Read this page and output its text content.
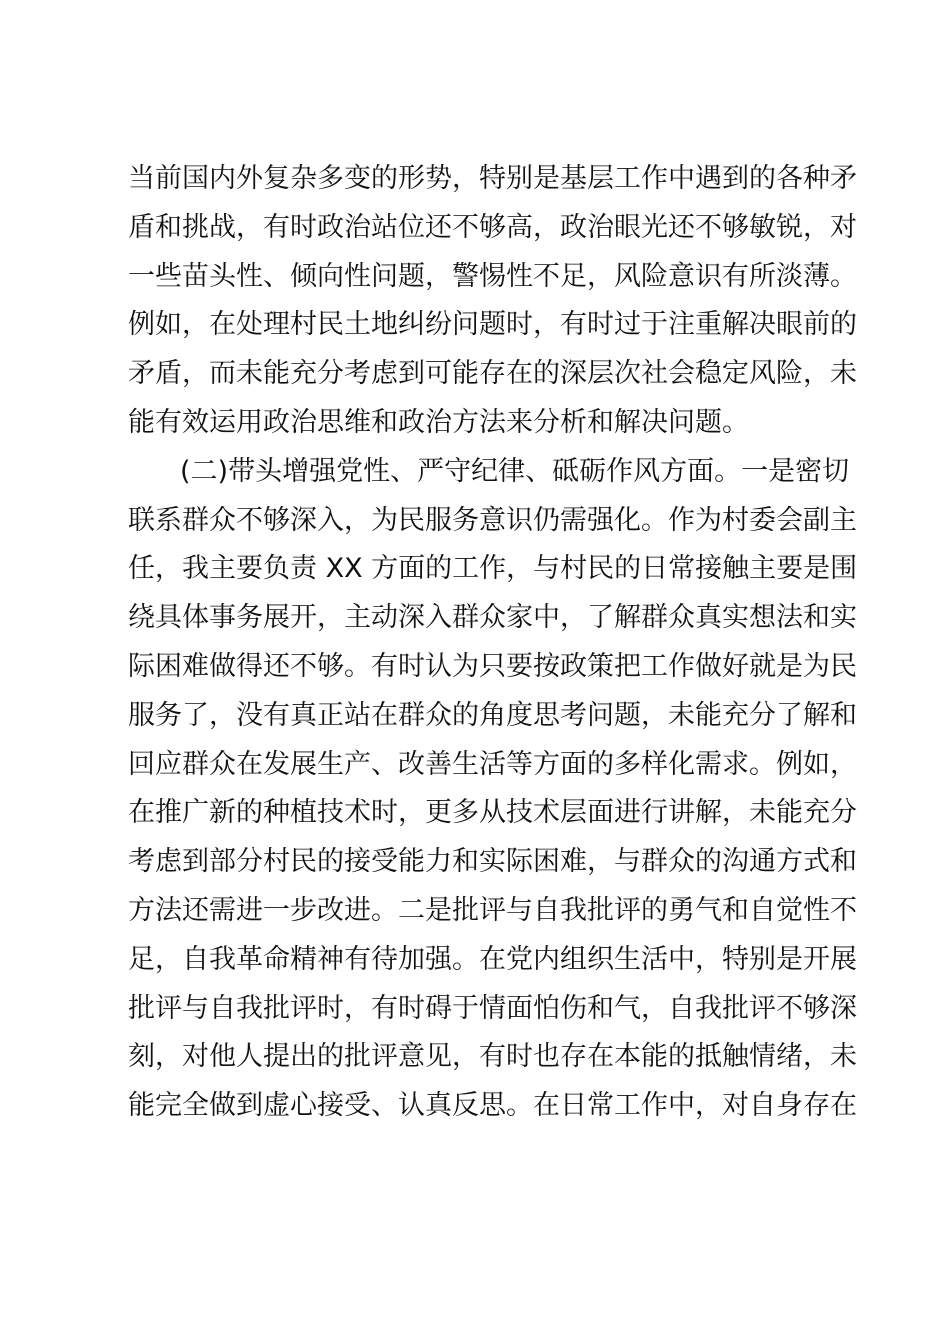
当前国内外复杂多变的形势，特别是基层工作中遇到的各种矛
盾和挑战，有时政治站位还不够高，政治眼光还不够敏锐，对
一些苗头性、倾向性问题，警惕性不足，风险意识有所淡薄。
例如，在处理村民土地纠纷问题时，有时过于注重解决眼前的
矛盾，而未能充分考虑到可能存在的深层次社会稳定风险，未
能有效运用政治思维和政治方法来分析和解决问题。
(二)带头增强党性、严守纪律、砥砺作风方面。一是密切
联系群众不够深入，为民服务意识仍需强化。作为村委会副主
任，我主要负责 XX 方面的工作，与村民的日常接触主要是围
绕具体事务展开，主动深入群众家中，了解群众真实想法和实
际困难做得还不够。有时认为只要按政策把工作做好就是为民
服务了，没有真正站在群众的角度思考问题，未能充分了解和
回应群众在发展生产、改善生活等方面的多样化需求。例如，
在推广新的种植技术时，更多从技术层面进行讲解，未能充分
考虑到部分村民的接受能力和实际困难，与群众的沟通方式和
方法还需进一步改进。二是批评与自我批评的勇气和自觉性不
足，自我革命精神有待加强。在党内组织生活中，特别是开展
批评与自我批评时，有时碍于情面怕伤和气，自我批评不够深
刻，对他人提出的批评意见，有时也存在本能的抵触情绪，未
能完全做到虚心接受、认真反思。在日常工作中，对自身存在
